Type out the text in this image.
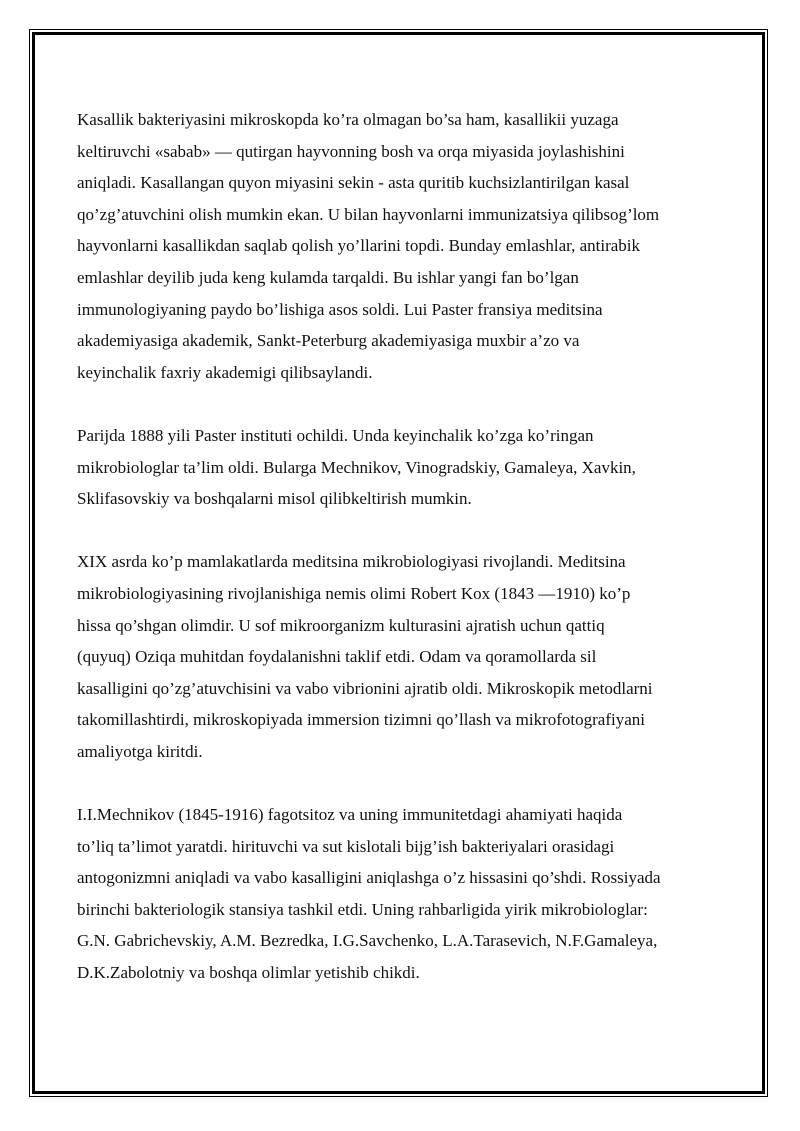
Kasallik bakteriyasini mikroskopda ko’ra olmagan bo’sa ham, kasallikii yuzaga
keltiruvchi «sabab» — qutirgan hayvonning bosh va orqa miyasida joylashishini
aniqladi. Kasallangan quyon miyasini sekin - asta quritib kuchsizlantirilgan kasal
qo’zg’atuvchini olish mumkin ekan. U bilan hayvonlarni immunizatsiya qilibsog’lom
hayvonlarni kasallikdan saqlab qolish yo’llarini topdi. Bunday emlashlar, antirabik
emlashlar deyilib juda keng kulamda tarqaldi. Bu ishlar yangi fan bo’lgan
immunologiyaning paydo bo’lishiga asos soldi. Lui Paster fransiya meditsina
akademiyasiga akademik, Sankt-Peterburg akademiyasiga muxbir a’zo va
keyinchalik faxriy akademigi qilibsaylandi.

Parijda 1888 yili Paster instituti ochildi. Unda keyinchalik ko’zga ko’ringan
mikrobiologlar ta’lim oldi. Bularga Mechnikov, Vinogradskiy, Gamaleya, Xavkin,
Sklifasovskiy va boshqalarni misol qilibkeltirish mumkin.

XIX asrda ko’p mamlakatlarda meditsina mikrobiologiyasi rivojlandi. Meditsina
mikrobiologiyasining rivojlanishiga nemis olimi Robert Kox (1843 —1910) ko’p
hissa qo’shgan olimdir. U sof mikroorganizm kulturasini ajratish uchun qattiq
(quyuq) Oziqa muhitdan foydalanishni taklif etdi. Odam va qoramollarda sil
kasalligini qo’zg’atuvchisini va vabo vibrionini ajratib oldi. Mikroskopik metodlarni
takomillashtirdi, mikroskopiyada immersion tizimni qo’llash va mikrofotografiyani
amaliyotga kiritdi.

I.I.Mechnikov (1845-1916) fagotsitoz va uning immunitetdagi ahamiyati haqida
to’liq ta’limot yaratdi. hirituvchi va sut kislotali bijg’ish bakteriyalari orasidagi
antogonizmni aniqladi va vabo kasalligini aniqlashga o’z hissasini qo’shdi. Rossiyada
birinchi bakteriologik stansiya tashkil etdi. Uning rahbarligida yirik mikrobiologlar:
G.N. Gabrichevskiy, A.M. Bezredka, I.G.Savchenko, L.A.Tarasevich, N.F.Gamaleya,
D.K.Zabolotniy va boshqa olimlar yetishib chikdi.
